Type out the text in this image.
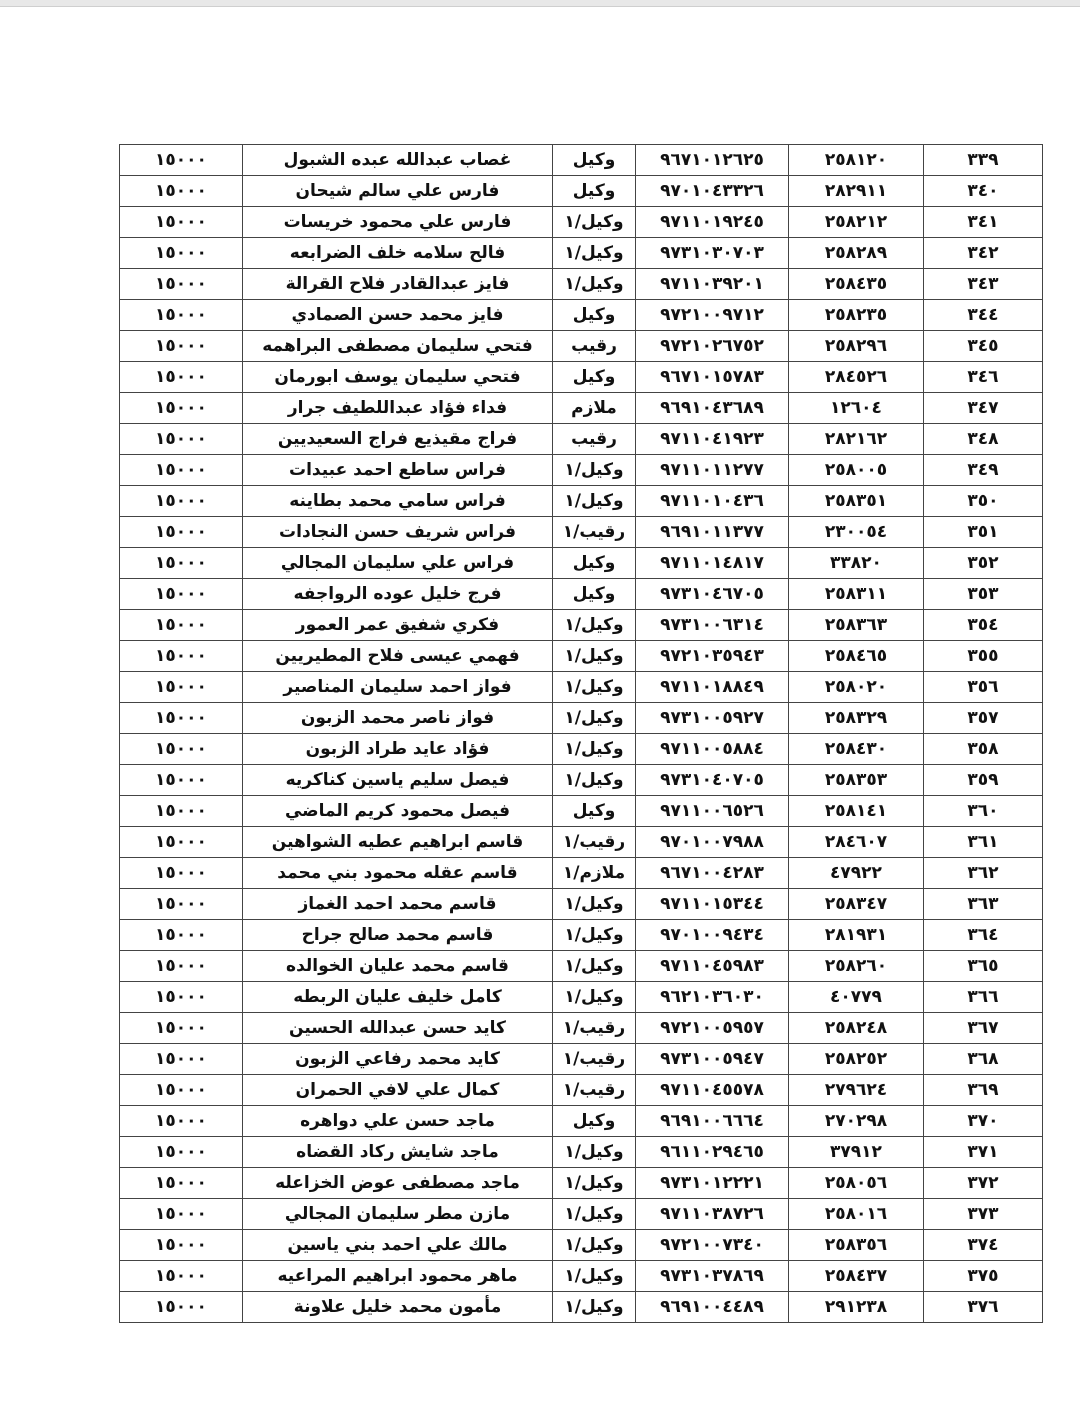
٣٣٩	٢٥٨١٢٠	٩٦٧١٠١٢٦٢٥	وكيل	غصاب عبدالله عبده الشبول	١٥٠٠٠
٣٤٠	٢٨٢٩١١	٩٧٠١٠٤٣٣٢٦	وكيل	فارس علي سالم شيحان	١٥٠٠٠
٣٤١	٢٥٨٢١٢	٩٧١١٠١٩٢٤٥	وكيل/١	فارس علي محمود خريسات	١٥٠٠٠
٣٤٢	٢٥٨٢٨٩	٩٧٣١٠٣٠٧٠٣	وكيل/١	فالح سلامه خلف الضرابعه	١٥٠٠٠
٣٤٣	٢٥٨٤٣٥	٩٧١١٠٣٩٢٠١	وكيل/١	فايز عبدالقادر فلاح القرالة	١٥٠٠٠
٣٤٤	٢٥٨٢٣٥	٩٧٢١٠٠٩٧١٢	وكيل	فايز محمد حسن الصمادي	١٥٠٠٠
٣٤٥	٢٥٨٢٩٦	٩٧٢١٠٢٦٧٥٢	رقيب	فتحي سليمان مصطفى البراهمه	١٥٠٠٠
٣٤٦	٢٨٤٥٢٦	٩٦٧١٠١٥٧٨٣	وكيل	فتحي سليمان يوسف ابورمان	١٥٠٠٠
٣٤٧	١٢٦٠٤	٩٦٩١٠٤٣٦٨٩	ملازم	فداء فؤاد عبداللطيف جرار	١٥٠٠٠
٣٤٨	٢٨٢١٦٢	٩٧١١٠٤١٩٢٣	رقيب	فراج مقيذيع فراج السعيديين	١٥٠٠٠
٣٤٩	٢٥٨٠٠٥	٩٧١١٠١١٢٧٧	وكيل/١	فراس ساطع احمد عبيدات	١٥٠٠٠
٣٥٠	٢٥٨٣٥١	٩٧١١٠١٠٤٣٦	وكيل/١	فراس سامي محمد بطاينه	١٥٠٠٠
٣٥١	٢٣٠٠٥٤	٩٦٩١٠١١٣٧٧	رقيب/١	فراس شريف حسن النجادات	١٥٠٠٠
٣٥٢	٣٣٨٢٠	٩٧١١٠١٤٨١٧	وكيل	فراس علي سليمان المجالي	١٥٠٠٠
٣٥٣	٢٥٨٣١١	٩٧٣١٠٤٦٧٠٥	وكيل	فرج خليل عوده الرواجفه	١٥٠٠٠
٣٥٤	٢٥٨٣٦٣	٩٧٣١٠٠٦٣١٤	وكيل/١	فكري شفيق عمر العمور	١٥٠٠٠
٣٥٥	٢٥٨٤٦٥	٩٧٢١٠٣٥٩٤٣	وكيل/١	فهمي عيسى فلاح المطيريين	١٥٠٠٠
٣٥٦	٢٥٨٠٢٠	٩٧١١٠١٨٨٤٩	وكيل/١	فواز احمد سليمان المناصير	١٥٠٠٠
٣٥٧	٢٥٨٣٢٩	٩٧٣١٠٠٥٩٢٧	وكيل/١	فواز ناصر محمد الزبون	١٥٠٠٠
٣٥٨	٢٥٨٤٣٠	٩٧١١٠٠٥٨٨٤	وكيل/١	فؤاد عايد طراد الزبون	١٥٠٠٠
٣٥٩	٢٥٨٣٥٣	٩٧٣١٠٤٠٧٠٥	وكيل/١	فيصل سليم ياسين كناكريه	١٥٠٠٠
٣٦٠	٢٥٨١٤١	٩٧١١٠٠٦٥٢٦	وكيل	فيصل محمود كريم الماضي	١٥٠٠٠
٣٦١	٢٨٤٦٠٧	٩٧٠١٠٠٧٩٨٨	رقيب/١	قاسم ابراهيم عطيه الشواهين	١٥٠٠٠
٣٦٢	٤٧٩٢٢	٩٦٧١٠٠٤٢٨٣	ملازم/١	قاسم عقله محمود بني محمد	١٥٠٠٠
٣٦٣	٢٥٨٣٤٧	٩٧١١٠١٥٣٤٤	وكيل/١	قاسم محمد احمد الغماز	١٥٠٠٠
٣٦٤	٢٨١٩٣١	٩٧٠١٠٠٩٤٣٤	وكيل/١	قاسم محمد صالح جراح	١٥٠٠٠
٣٦٥	٢٥٨٢٦٠	٩٧١١٠٤٥٩٨٣	وكيل/١	قاسم محمد عليان الخوالده	١٥٠٠٠
٣٦٦	٤٠٧٧٩	٩٦٢١٠٣٦٠٣٠	وكيل/١	كامل خليف عليان الربطه	١٥٠٠٠
٣٦٧	٢٥٨٢٤٨	٩٧٢١٠٠٥٩٥٧	رقيب/١	كايد حسن عبدالله الحسين	١٥٠٠٠
٣٦٨	٢٥٨٢٥٢	٩٧٣١٠٠٥٩٤٧	رقيب/١	كايد محمد رفاعي الزبون	١٥٠٠٠
٣٦٩	٢٧٩٦٢٤	٩٧١١٠٤٥٥٧٨	رقيب/١	كمال علي لافي الحمران	١٥٠٠٠
٣٧٠	٢٧٠٢٩٨	٩٦٩١٠٠٦٦٦٤	وكيل	ماجد حسن علي دواهره	١٥٠٠٠
٣٧١	٣٧٩١٢	٩٦١١٠٢٩٤٦٥	وكيل/١	ماجد شايش ركاد القضاه	١٥٠٠٠
٣٧٢	٢٥٨٠٥٦	٩٧٣١٠١٢٢٢١	وكيل/١	ماجد مصطفى عوض الخزاعله	١٥٠٠٠
٣٧٣	٢٥٨٠١٦	٩٧١١٠٣٨٧٢٦	وكيل/١	مازن مطر سليمان المجالي	١٥٠٠٠
٣٧٤	٢٥٨٣٥٦	٩٧٢١٠٠٧٣٤٠	وكيل/١	مالك علي احمد بني ياسين	١٥٠٠٠
٣٧٥	٢٥٨٤٣٧	٩٧٣١٠٣٧٨٦٩	وكيل/١	ماهر محمود ابراهيم المراعيه	١٥٠٠٠
٣٧٦	٢٩١٢٣٨	٩٦٩١٠٠٤٤٨٩	وكيل/١	مأمون محمد خليل علاونة	١٥٠٠٠
